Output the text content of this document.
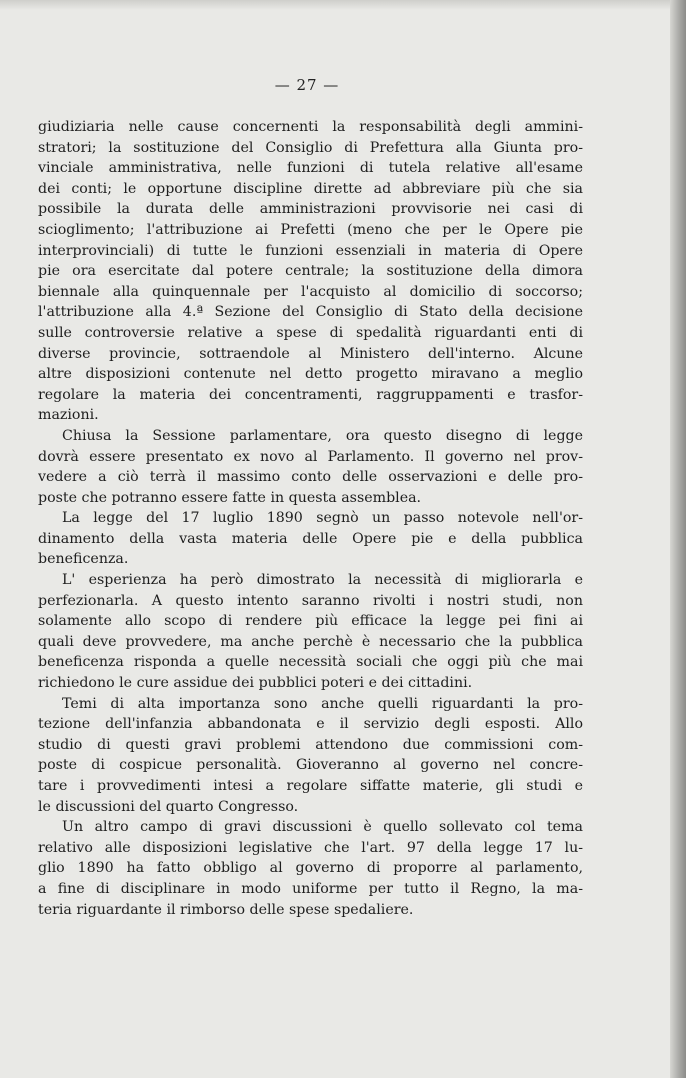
— 27 —
giudiziaria nelle cause concernenti la responsabilità degli ammini-
stratori; la sostituzione del Consiglio di Prefettura alla Giunta pro-
vinciale amministrativa, nelle funzioni di tutela relative all'esame
dei conti; le opportune discipline dirette ad abbreviare più che sia
possibile la durata delle amministrazioni provvisorie nei casi di
scioglimento; l'attribuzione ai Prefetti (meno che per le Opere pie
interprovinciali) di tutte le funzioni essenziali in materia di Opere
pie ora esercitate dal potere centrale; la sostituzione della dimora
biennale alla quinquennale per l'acquisto al domicilio di soccorso;
l'attribuzione alla 4.ª Sezione del Consiglio di Stato della decisione
sulle controversie relative a spese di spedalità riguardanti enti di
diverse provincie, sottraendole al Ministero dell'interno. Alcune
altre disposizioni contenute nel detto progetto miravano a meglio
regolare la materia dei concentramenti, raggruppamenti e trasfor-
mazioni.
Chiusa la Sessione parlamentare, ora questo disegno di legge
dovrà essere presentato ex novo al Parlamento. Il governo nel prov-
vedere a ciò terrà il massimo conto delle osservazioni e delle pro-
poste che potranno essere fatte in questa assemblea.
La legge del 17 luglio 1890 segnò un passo notevole nell'or-
dinamento della vasta materia delle Opere pie e della pubblica
beneficenza.
L' esperienza ha però dimostrato la necessità di migliorarla e
perfezionarla. A questo intento saranno rivolti i nostri studi, non
solamente allo scopo di rendere più efficace la legge pei fini ai
quali deve provvedere, ma anche perchè è necessario che la pubblica
beneficenza risponda a quelle necessità sociali che oggi più che mai
richiedono le cure assidue dei pubblici poteri e dei cittadini.
Temi di alta importanza sono anche quelli riguardanti la pro-
tezione dell'infanzia abbandonata e il servizio degli esposti. Allo
studio di questi gravi problemi attendono due commissioni com-
poste di cospicue personalità. Gioveranno al governo nel concre-
tare i provvedimenti intesi a regolare siffatte materie, gli studi e
le discussioni del quarto Congresso.
Un altro campo di gravi discussioni è quello sollevato col tema
relativo alle disposizioni legislative che l'art. 97 della legge 17 lu-
glio 1890 ha fatto obbligo al governo di proporre al parlamento,
a fine di disciplinare in modo uniforme per tutto il Regno, la ma-
teria riguardante il rimborso delle spese spedaliere.
